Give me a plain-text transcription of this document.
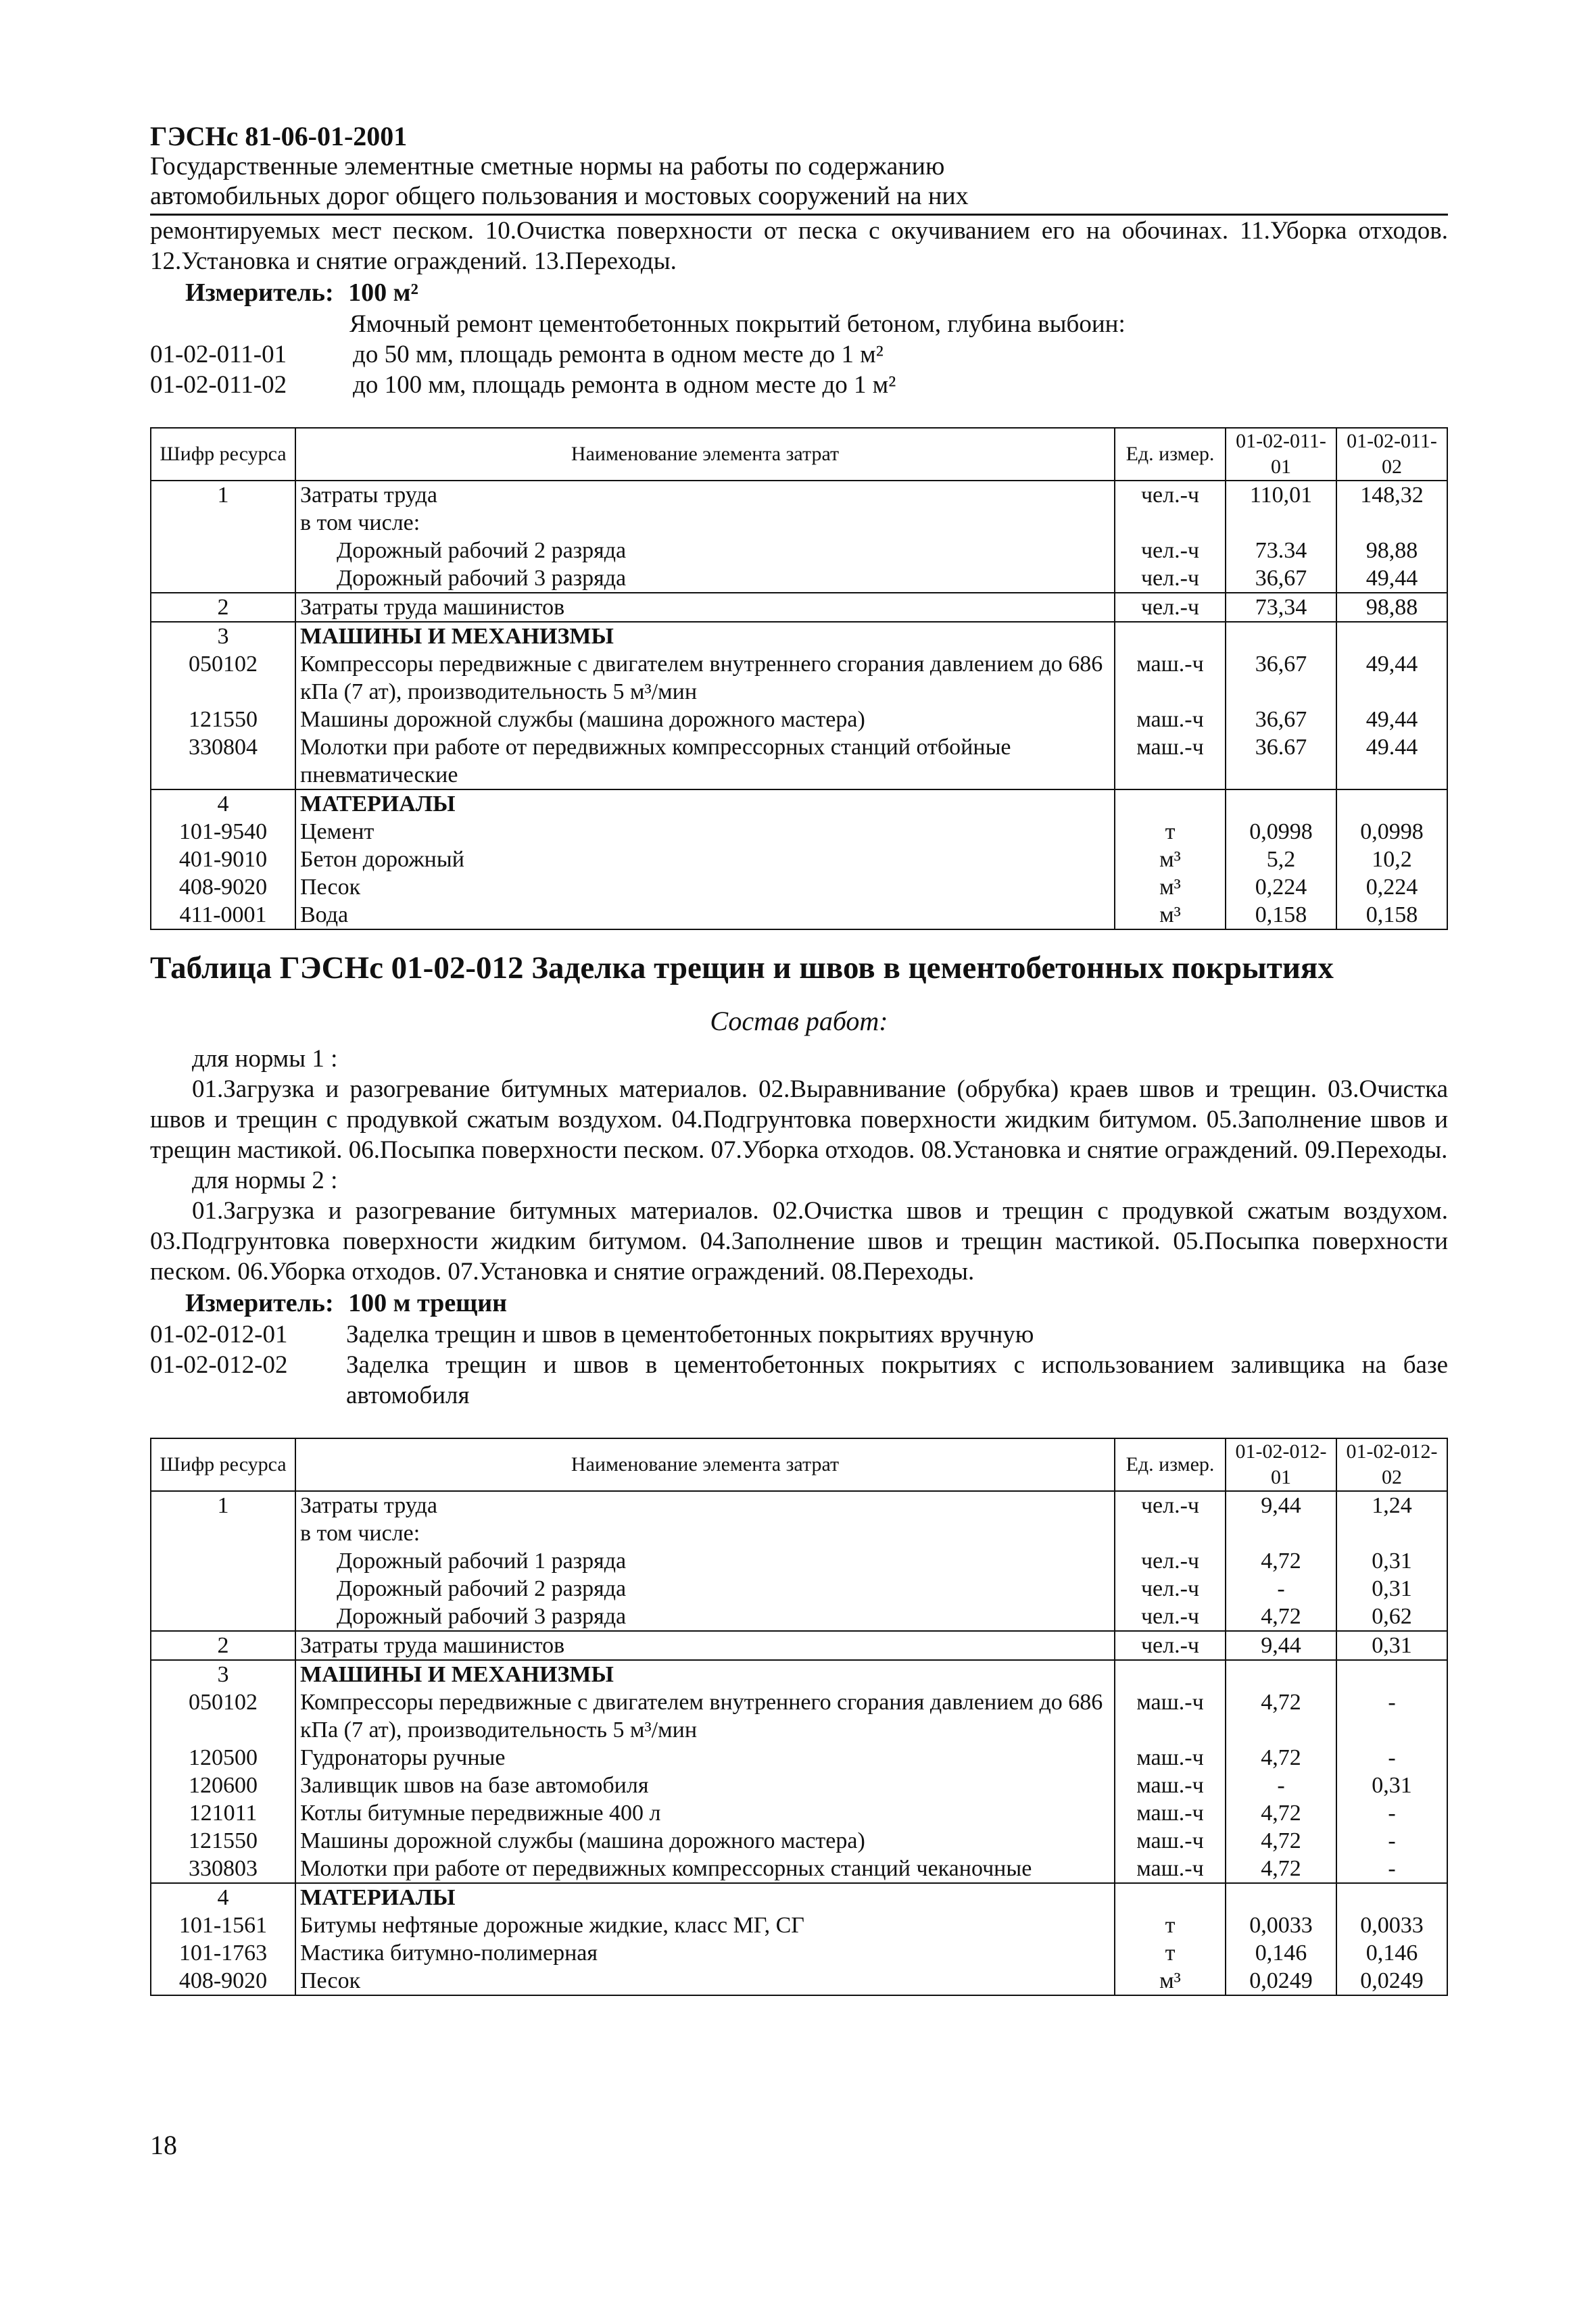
ГЭСНс 81-06-01-2001
Государственные элементные сметные нормы на работы по содержанию
автомобильных дорог общего пользования и мостовых сооружений на них
ремонтируемых мест песком. 10.Очистка поверхности от песка с окучиванием его на обочинах. 11.Уборка отходов. 12.Установка и снятие ограждений. 13.Переходы.
Измеритель: 100 м²
Ямочный ремонт цементобетонных покрытий бетоном, глубина выбоин:
01-02-011-01	до 50 мм, площадь ремонта в одном месте до 1 м²
01-02-011-02	до 100 мм, площадь ремонта в одном месте до 1 м²
Шифр ресурса	Наименование элемента затрат	Ед. измер.	01-02-011-01	01-02-011-02
1	Затраты труда	чел.-ч	110,01	148,32
	в том числе:			
	Дорожный рабочий 2 разряда	чел.-ч	73.34	98,88
	Дорожный рабочий 3 разряда	чел.-ч	36,67	49,44
2	Затраты труда машинистов	чел.-ч	73,34	98,88
3	МАШИНЫ И МЕХАНИЗМЫ			
050102	Компрессоры передвижные с двигателем внутреннего сгорания давлением до 686 кПа (7 ат), производительность 5 м³/мин	маш.-ч	36,67	49,44
121550	Машины дорожной службы (машина дорожного мастера)	маш.-ч	36,67	49,44
330804	Молотки при работе от передвижных компрессорных станций отбойные пневматические	маш.-ч	36.67	49.44
4	МАТЕРИАЛЫ			
101-9540	Цемент	т	0,0998	0,0998
401-9010	Бетон дорожный	м³	5,2	10,2
408-9020	Песок	м³	0,224	0,224
411-0001	Вода	м³	0,158	0,158
Таблица ГЭСНс 01-02-012 Заделка трещин и швов в цементобетонных покрытиях
Состав работ:
для нормы 1 :
01.Загрузка и разогревание битумных материалов. 02.Выравнивание (обрубка) краев швов и трещин. 03.Очистка швов и трещин с продувкой сжатым воздухом. 04.Подгрунтовка поверхности жидким битумом. 05.Заполнение швов и трещин мастикой. 06.Посыпка поверхности песком. 07.Уборка отходов. 08.Установка и снятие ограждений. 09.Переходы.
для нормы 2 :
01.Загрузка и разогревание битумных материалов. 02.Очистка швов и трещин с продувкой сжатым воздухом. 03.Подгрунтовка поверхности жидким битумом. 04.Заполнение швов и трещин мастикой. 05.Посыпка поверхности песком. 06.Уборка отходов. 07.Установка и снятие ограждений. 08.Переходы.
Измеритель: 100 м трещин
01-02-012-01	Заделка трещин и швов в цементобетонных покрытиях вручную
01-02-012-02	Заделка трещин и швов в цементобетонных покрытиях с использованием заливщика на базе автомобиля
Шифр ресурса	Наименование элемента затрат	Ед. измер.	01-02-012-01	01-02-012-02
1	Затраты труда	чел.-ч	9,44	1,24
	в том числе:			
	Дорожный рабочий 1 разряда	чел.-ч	4,72	0,31
	Дорожный рабочий 2 разряда	чел.-ч	-	0,31
	Дорожный рабочий 3 разряда	чел.-ч	4,72	0,62
2	Затраты труда машинистов	чел.-ч	9,44	0,31
3	МАШИНЫ И МЕХАНИЗМЫ			
050102	Компрессоры передвижные с двигателем внутреннего сгорания давлением до 686 кПа (7 ат), производительность 5 м³/мин	маш.-ч	4,72	-
120500	Гудронаторы ручные	маш.-ч	4,72	-
120600	Заливщик швов на базе автомобиля	маш.-ч	-	0,31
121011	Котлы битумные передвижные 400 л	маш.-ч	4,72	-
121550	Машины дорожной службы (машина дорожного мастера)	маш.-ч	4,72	-
330803	Молотки при работе от передвижных компрессорных станций чеканочные	маш.-ч	4,72	-
4	МАТЕРИАЛЫ			
101-1561	Битумы нефтяные дорожные жидкие, класс МГ, СГ	т	0,0033	0,0033
101-1763	Мастика битумно-полимерная	т	0,146	0,146
408-9020	Песок	м³	0,0249	0,0249
18
